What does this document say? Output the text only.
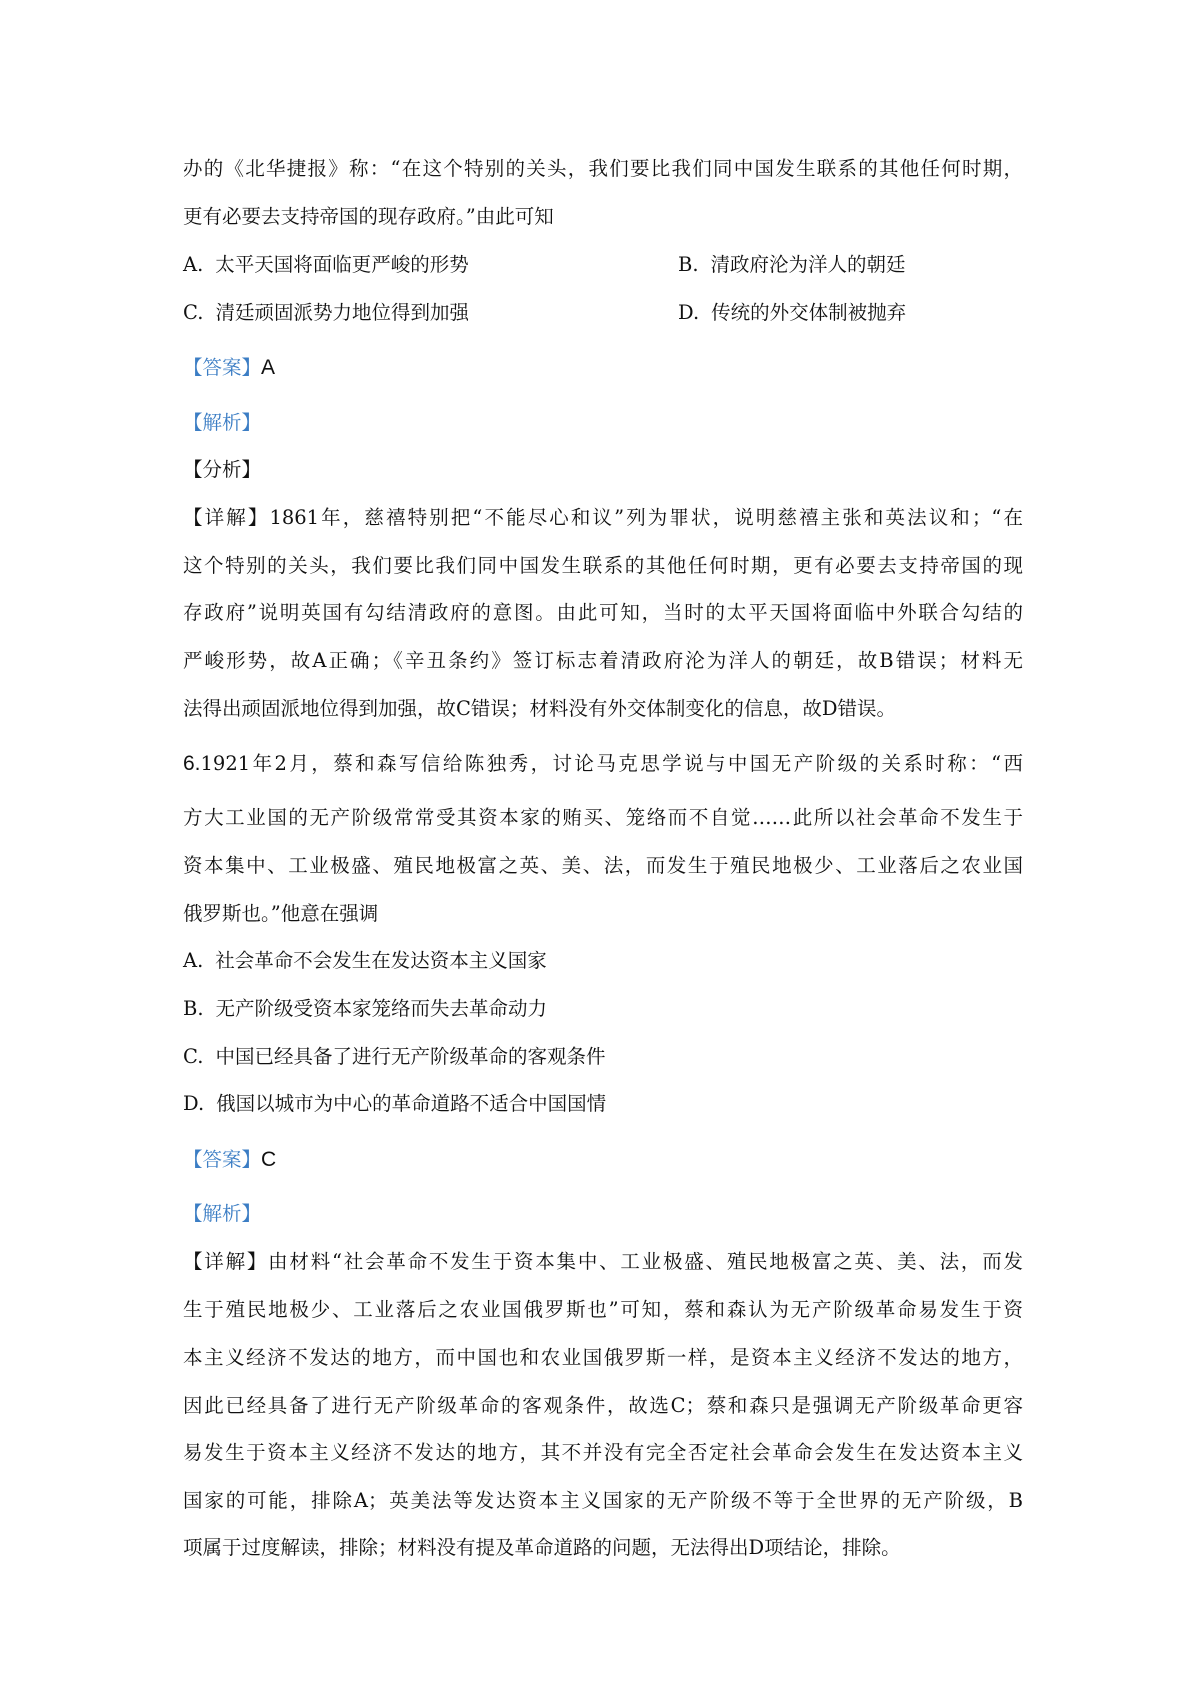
办的《北华捷报》称：“在这个特别的关头，我们要比我们同中国发生联系的其他任何时期，
更有必要去支持帝国的现存政府。”由此可知
A. 太平天国将面临更严峻的形势	B. 清政府沦为洋人的朝廷
C. 清廷顽固派势力地位得到加强	D. 传统的外交体制被抛弃
【答案】A
【解析】
【分析】
【详解】1861年，慈禧特别把“不能尽心和议”列为罪状，说明慈禧主张和英法议和；“在
这个特别的关头，我们要比我们同中国发生联系的其他任何时期，更有必要去支持帝国的现
存政府”说明英国有勾结清政府的意图。由此可知，当时的太平天国将面临中外联合勾结的
严峻形势，故A正确；《辛丑条约》签订标志着清政府沦为洋人的朝廷，故B错误；材料无
法得出顽固派地位得到加强，故C错误；材料没有外交体制变化的信息，故D错误。
6.1921年2月，蔡和森写信给陈独秀，讨论马克思学说与中国无产阶级的关系时称：“西
方大工业国的无产阶级常常受其资本家的贿买、笼络而不自觉……此所以社会革命不发生于
资本集中、工业极盛、殖民地极富之英、美、法，而发生于殖民地极少、工业落后之农业国
俄罗斯也。”他意在强调
A. 社会革命不会发生在发达资本主义国家
B. 无产阶级受资本家笼络而失去革命动力
C. 中国已经具备了进行无产阶级革命的客观条件
D. 俄国以城市为中心的革命道路不适合中国国情
【答案】C
【解析】
【详解】由材料“社会革命不发生于资本集中、工业极盛、殖民地极富之英、美、法，而发
生于殖民地极少、工业落后之农业国俄罗斯也”可知，蔡和森认为无产阶级革命易发生于资
本主义经济不发达的地方，而中国也和农业国俄罗斯一样，是资本主义经济不发达的地方，
因此已经具备了进行无产阶级革命的客观条件，故选C；蔡和森只是强调无产阶级革命更容
易发生于资本主义经济不发达的地方，其不并没有完全否定社会革命会发生在发达资本主义
国家的可能，排除A；英美法等发达资本主义国家的无产阶级不等于全世界的无产阶级，B
项属于过度解读，排除；材料没有提及革命道路的问题，无法得出D项结论，排除。
